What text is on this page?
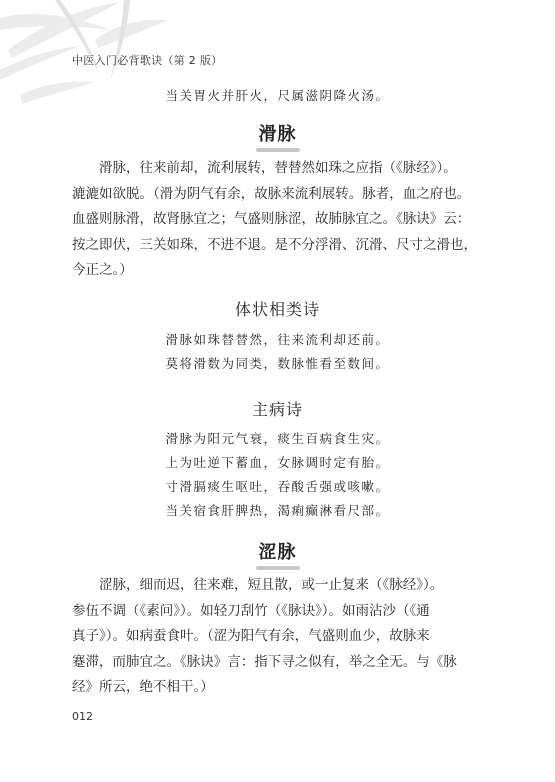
中医入门必背歌诀（第 2 版）
当关胃火并肝火，尺属滋阴降火汤。
滑脉
　　滑脉，往来前却，流利展转，替替然如珠之应指（《脉经》）。
漉漉如欲脱。（滑为阴气有余，故脉来流利展转。脉者，血之府也。
血盛则脉滑，故肾脉宜之；气盛则脉涩，故肺脉宜之。《脉诀》云：
按之即伏，三关如珠，不进不退。是不分浮滑、沉滑、尺寸之滑也，
今正之。）
体状相类诗
滑脉如珠替替然，往来流利却还前。
莫将滑数为同类，数脉惟看至数间。
主病诗
滑脉为阳元气衰，痰生百病食生灾。
上为吐逆下蓄血，女脉调时定有胎。
寸滑膈痰生呕吐，吞酸舌强或咳嗽。
当关宿食肝脾热，渴痢癫淋看尺部。
涩脉
　　涩脉，细而迟，往来难，短且散，或一止复来（《脉经》）。
参伍不调（《素问》）。如轻刀刮竹（《脉诀》）。如雨沾沙（《通
真子》）。如病蚕食叶。（涩为阳气有余，气盛则血少，故脉来
蹇滞，而肺宜之。《脉诀》言：指下寻之似有，举之全无。与《脉
经》所云，绝不相干。）
012
